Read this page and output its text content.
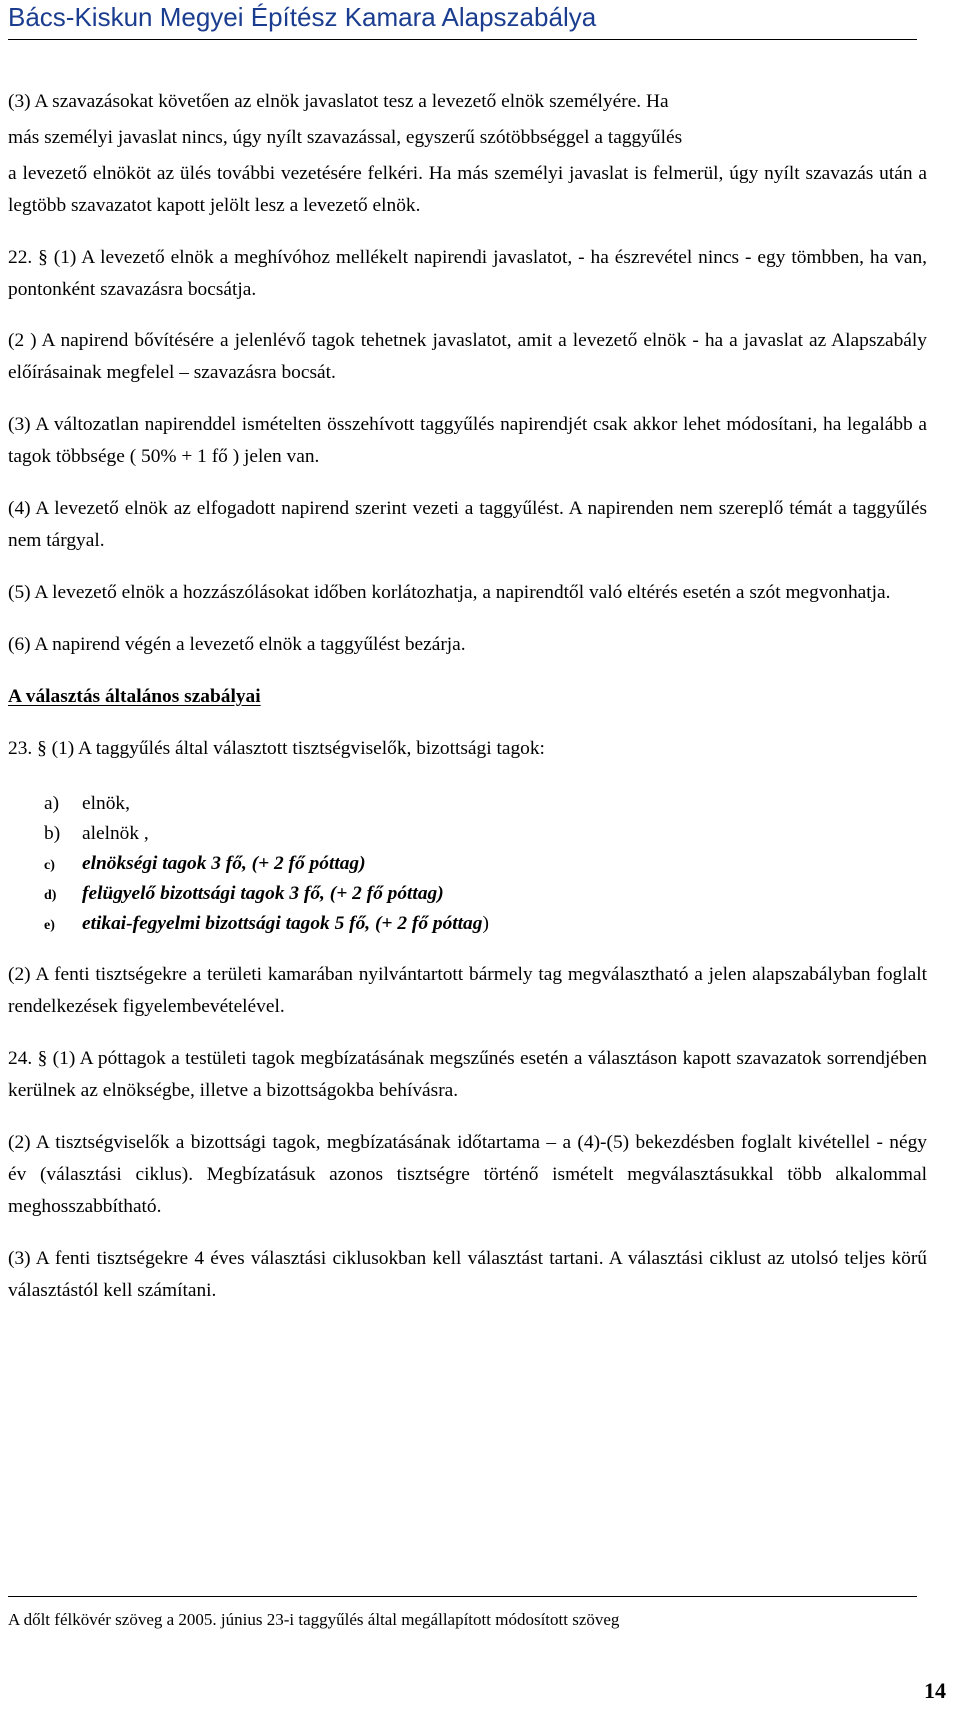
Bács-Kiskun Megyei Építész Kamara Alapszabálya

(3) A szavazásokat követően az elnök javaslatot tesz a levezető elnök személyére. Ha

más személyi javaslat nincs, úgy nyílt szavazással, egyszerű szótöbbséggel a taggyűlés

a levezető elnököt az ülés további vezetésére felkéri. Ha más személyi javaslat is felmerül, úgy nyílt szavazás után a legtöbb szavazatot kapott jelölt lesz a levezető elnök.

22. § (1) A levezető elnök a meghívóhoz mellékelt napirendi javaslatot, - ha észrevétel nincs - egy tömbben, ha van, pontonként szavazásra bocsátja.

(2 ) A napirend bővítésére a jelenlévő tagok tehetnek javaslatot, amit a levezető elnök - ha a javaslat az Alapszabály előírásainak megfelel – szavazásra bocsát.

(3) A változatlan napirenddel ismételten összehívott taggyűlés napirendjét csak akkor lehet módosítani, ha legalább a tagok többsége ( 50% + 1 fő ) jelen van.

(4) A levezető elnök az elfogadott napirend szerint vezeti a taggyűlést. A napirenden nem szereplő témát a taggyűlés nem tárgyal.

(5) A levezető elnök a hozzászólásokat időben korlátozhatja, a napirendtől való eltérés esetén a szót megvonhatja.

(6) A napirend végén a levezető elnök a taggyűlést bezárja.

A választás általános szabályai

23. § (1) A taggyűlés által választott tisztségviselők, bizottsági tagok:

a)	elnök,
b)	alelnök ,
c)	elnökségi tagok 3 fő, (+ 2 fő póttag)
d)	felügyelő bizottsági tagok 3 fő, (+ 2 fő póttag)
e)	etikai-fegyelmi bizottsági tagok 5 fő, (+ 2 fő póttag )

(2) A fenti tisztségekre a területi kamarában nyilvántartott bármely tag megválasztható a jelen alapszabályban foglalt rendelkezések figyelembevételével.

24. § (1) A póttagok a testületi tagok megbízatásának megszűnés esetén a választáson kapott szavazatok sorrendjében kerülnek az elnökségbe, illetve a bizottságokba behívásra.

(2) A tisztségviselők a bizottsági tagok, megbízatásának időtartama – a (4)-(5) bekezdésben foglalt kivétellel - négy év (választási ciklus). Megbízatásuk azonos tisztségre történő ismételt megválasztásukkal több alkalommal meghosszabbítható.

(3) A fenti tisztségekre 4 éves választási ciklusokban kell választást tartani. A választási ciklust az utolsó teljes körű választástól kell számítani.

A dőlt félkövér szöveg a 2005. június 23-i taggyűlés által megállapított módosított szöveg
14
